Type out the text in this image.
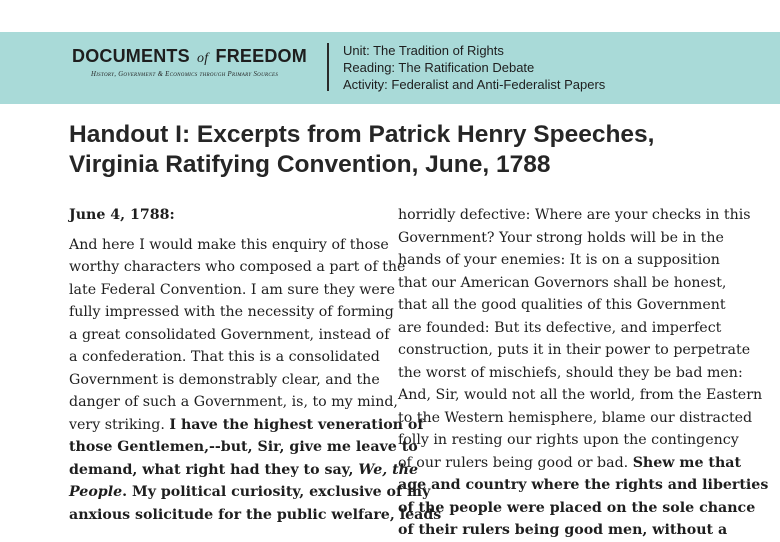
DOCUMENTS of FREEDOM
History, Government & Economics through Primary Sources
Unit: The Tradition of Rights
Reading: The Ratification Debate
Activity: Federalist and Anti-Federalist Papers
Handout I: Excerpts from Patrick Henry Speeches,
Virginia Ratifying Convention, June, 1788
June 4, 1788:
And here I would make this enquiry of those
worthy characters who composed a part of the
late Federal Convention. I am sure they were
fully impressed with the necessity of forming
a great consolidated Government, instead of
a confederation. That this is a consolidated
Government is demonstrably clear, and the
danger of such a Government, is, to my mind,
very striking. I have the highest veneration of
those Gentlemen,--but, Sir, give me leave to
demand, what right had they to say, We, the
People. My political curiosity, exclusive of my
anxious solicitude for the public welfare, leads
horridly defective: Where are your checks in this
Government? Your strong holds will be in the
hands of your enemies: It is on a supposition
that our American Governors shall be honest,
that all the good qualities of this Government
are founded: But its defective, and imperfect
construction, puts it in their power to perpetrate
the worst of mischiefs, should they be bad men:
And, Sir, would not all the world, from the Eastern
to the Western hemisphere, blame our distracted
folly in resting our rights upon the contingency
of our rulers being good or bad. Shew me that
age and country where the rights and liberties
of the people were placed on the sole chance
of their rulers being good men, without a
